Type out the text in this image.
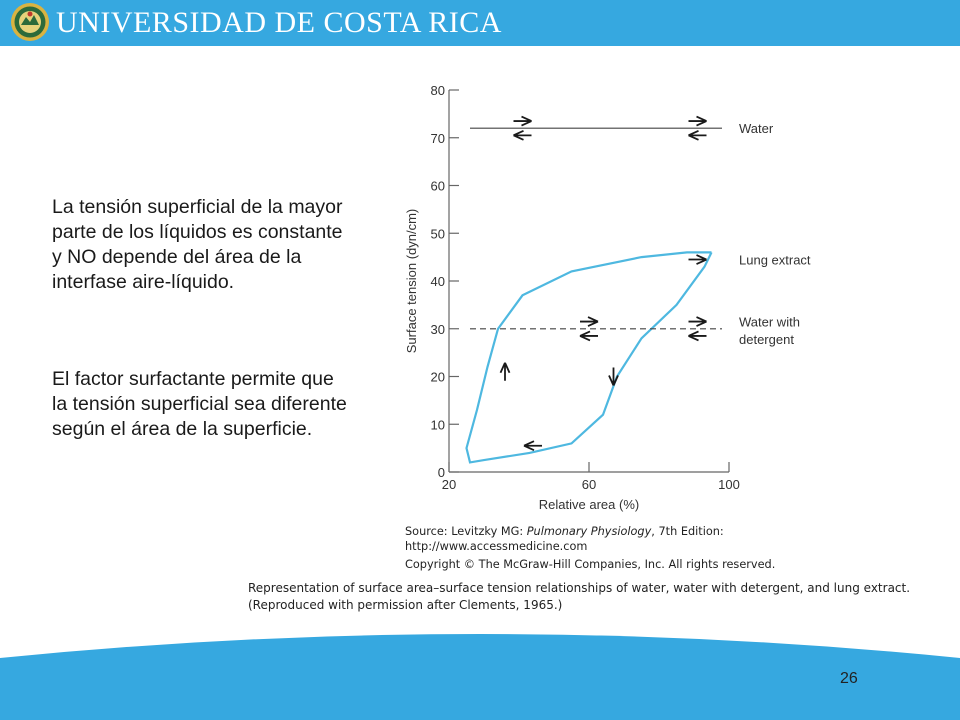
UNIVERSIDAD DE COSTA RICA
La tensión superficial de la mayor parte de los líquidos es constante y NO depende del área de la interfase aire-líquido.
El factor surfactante permite que la tensión superficial sea diferente según el área de la superficie.
0
10
20
30
40
50
60
70
80
20	60	100
Relative area (%)
Surface tension (dyn/cm)
Water
Lung extract
Water with
detergent
Source: Levitzky MG: Pulmonary Physiology, 7th Edition:
http://www.accessmedicine.com
Copyright © The McGraw-Hill Companies, Inc. All rights reserved.
Representation of surface area–surface tension relationships of water, water with detergent, and lung extract.
(Reproduced with permission after Clements, 1965.)
26
